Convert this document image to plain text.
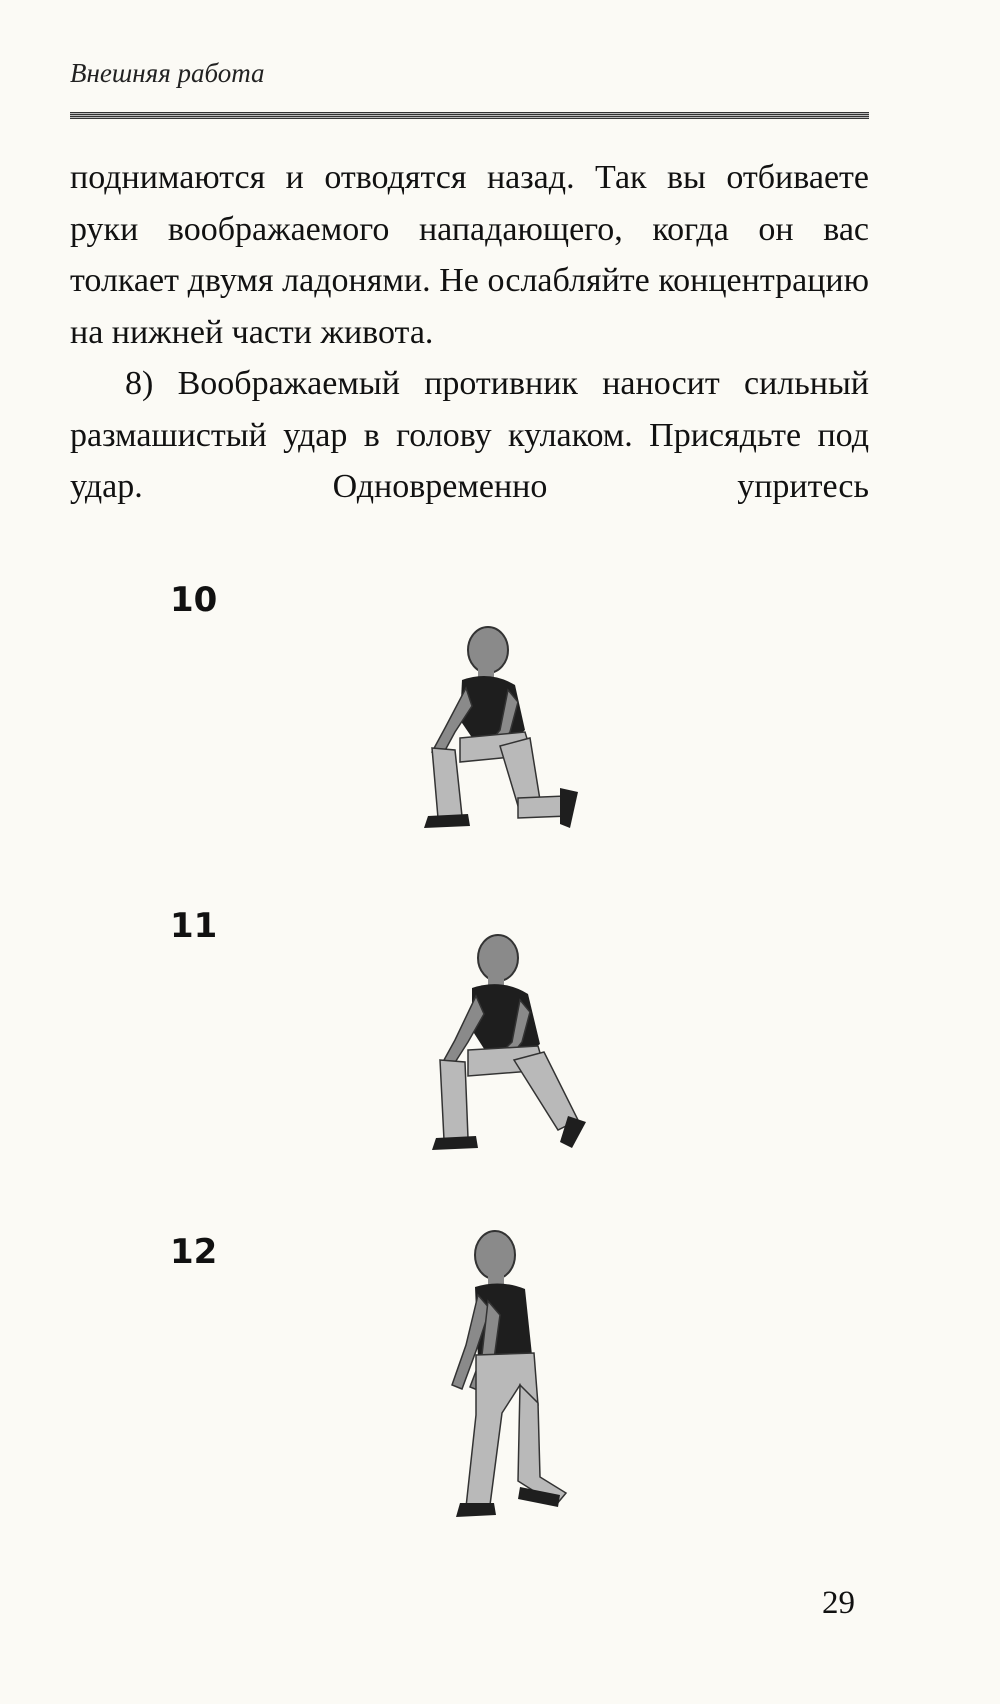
Внешняя работа

поднимаются и отводятся назад. Так вы отбиваете руки воображаемого нападающего, когда он вас толкает двумя ладонями. Не ослабляйте концентрацию на нижней части живота.

8) Воображаемый противник наносит сильный размашистый удар в голову кулаком. Присядьте под удар. Одновременно упритесь

10
11
12
29
